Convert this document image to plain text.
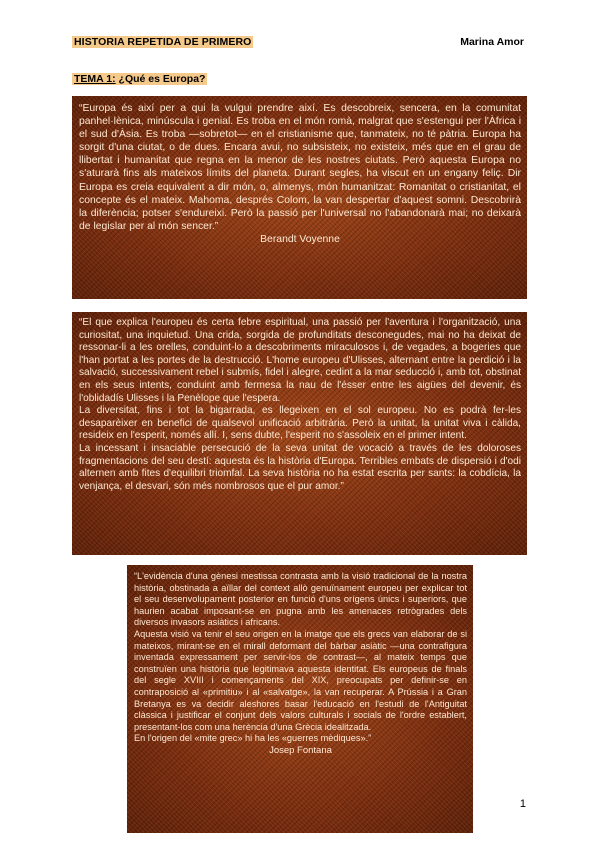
HISTORIA REPETIDA DE PRIMERO	Marina Amor
TEMA 1: ¿Qué es Europa?

“Europa és així per a qui la vulgui prendre així. Es descobreix, sencera, en la comunitat panhel·lènica, minúscula i genial. Es troba en el món romà, malgrat que s'estengui per l'Àfrica i el sud d'Àsia. Es troba —sobretot— en el cristianisme que, tanmateix, no té pàtria. Europa ha sorgit d'una ciutat, o de dues. Encara avui, no subsisteix, no existeix, més que en el grau de llibertat i humanitat que regna en la menor de les nostres ciutats. Però aquesta Europa no s'aturarà fins als mateixos límits del planeta. Durant segles, ha viscut en un engany feliç. Dir Europa es creia equivalent a dir món, o, almenys, món humanitzat: Romanitat o cristianitat, el concepte és el mateix. Mahoma, després Colom, la van despertar d'aquest somni. Descobrirà la diferència; potser s'endureixi. Però la passió per l'universal no l'abandonarà mai; no deixarà de legislar per al món sencer.”

Berandt Voyenne

“El que explica l'europeu és certa febre espiritual, una passió per l'aventura i l'organització, una curiositat, una inquietud. Una crida, sorgida de profunditats desconegudes, mai no ha deixat de ressonar-li a les orelles, conduint-lo a descobriments miraculosos i, de vegades, a bogeries que l'han portat a les portes de la destrucció. L'home europeu d'Ulisses, alternant entre la perdició i la salvació, successivament rebel i submís, fidel i alegre, cedint a la mar seducció i, amb tot, obstinat en els seus intents, conduint amb fermesa la nau de l'ésser entre les aigües del devenir, és l'oblidadís Ulisses i la Penèlope que l'espera.

La diversitat, fins i tot la bigarrada, es llegeixen en el sol europeu. No es podrà fer-les desaparèixer en benefici de qualsevol unificació arbitrària. Però la unitat, la unitat viva i càlida, resideix en l'esperit, només allí. I, sens dubte, l'esperit no s'assoleix en el primer intent.

La incessant i insaciable persecució de la seva unitat de vocació a través de les doloroses fragmentacions del seu destí: aquesta és la història d'Europa. Terribles embats de dispersió i d'odi alternen amb fites d'equilibri triomfal. La seva història no ha estat escrita per sants: la cobdícia, la venjança, el desvari, són més nombrosos que el pur amor.”

“L'evidència d'una gènesi mestissa contrasta amb la visió tradicional de la nostra història, obstinada a aïllar del context allò genuïnament europeu per explicar tot el seu desenvolupament posterior en funció d'uns orígens únics i superiors, que haurien acabat imposant-se en pugna amb les amenaces retrògrades dels diversos invasors asiàtics i africans.

Aquesta visió va tenir el seu origen en la imatge que els grecs van elaborar de si mateixos, mirant-se en el mirall deformant del bàrbar asiàtic —una contrafigura inventada expressament per servir-los de contrast—, al mateix temps que construïen una història que legitimava aquesta identitat. Els europeus de finals del segle XVIII i començaments del XIX, preocupats per definir-se en contraposició al «primitiu» i al «salvatge», la van recuperar. A Prússia i a Gran Bretanya es va decidir aleshores basar l'educació en l'estudi de l'Antiguitat clàssica i justificar el conjunt dels valors culturals i socials de l'ordre establert, presentant-los com una herència d'una Grècia idealitzada.

En l'origen del «mite grec» hi ha les «guerres mèdiques».”

Josep Fontana

1
